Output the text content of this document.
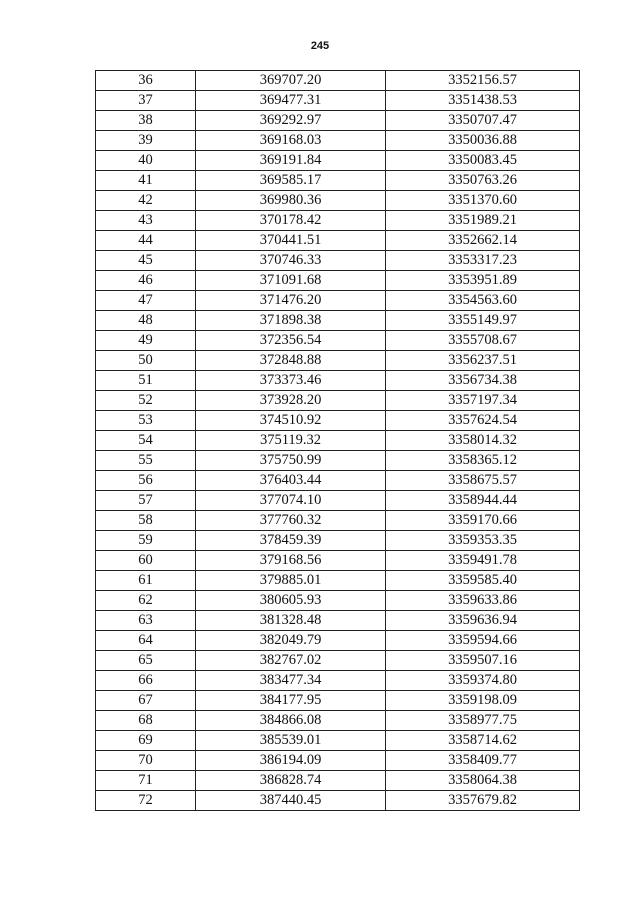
245
36	369707.20	3352156.57
37	369477.31	3351438.53
38	369292.97	3350707.47
39	369168.03	3350036.88
40	369191.84	3350083.45
41	369585.17	3350763.26
42	369980.36	3351370.60
43	370178.42	3351989.21
44	370441.51	3352662.14
45	370746.33	3353317.23
46	371091.68	3353951.89
47	371476.20	3354563.60
48	371898.38	3355149.97
49	372356.54	3355708.67
50	372848.88	3356237.51
51	373373.46	3356734.38
52	373928.20	3357197.34
53	374510.92	3357624.54
54	375119.32	3358014.32
55	375750.99	3358365.12
56	376403.44	3358675.57
57	377074.10	3358944.44
58	377760.32	3359170.66
59	378459.39	3359353.35
60	379168.56	3359491.78
61	379885.01	3359585.40
62	380605.93	3359633.86
63	381328.48	3359636.94
64	382049.79	3359594.66
65	382767.02	3359507.16
66	383477.34	3359374.80
67	384177.95	3359198.09
68	384866.08	3358977.75
69	385539.01	3358714.62
70	386194.09	3358409.77
71	386828.74	3358064.38
72	387440.45	3357679.82
